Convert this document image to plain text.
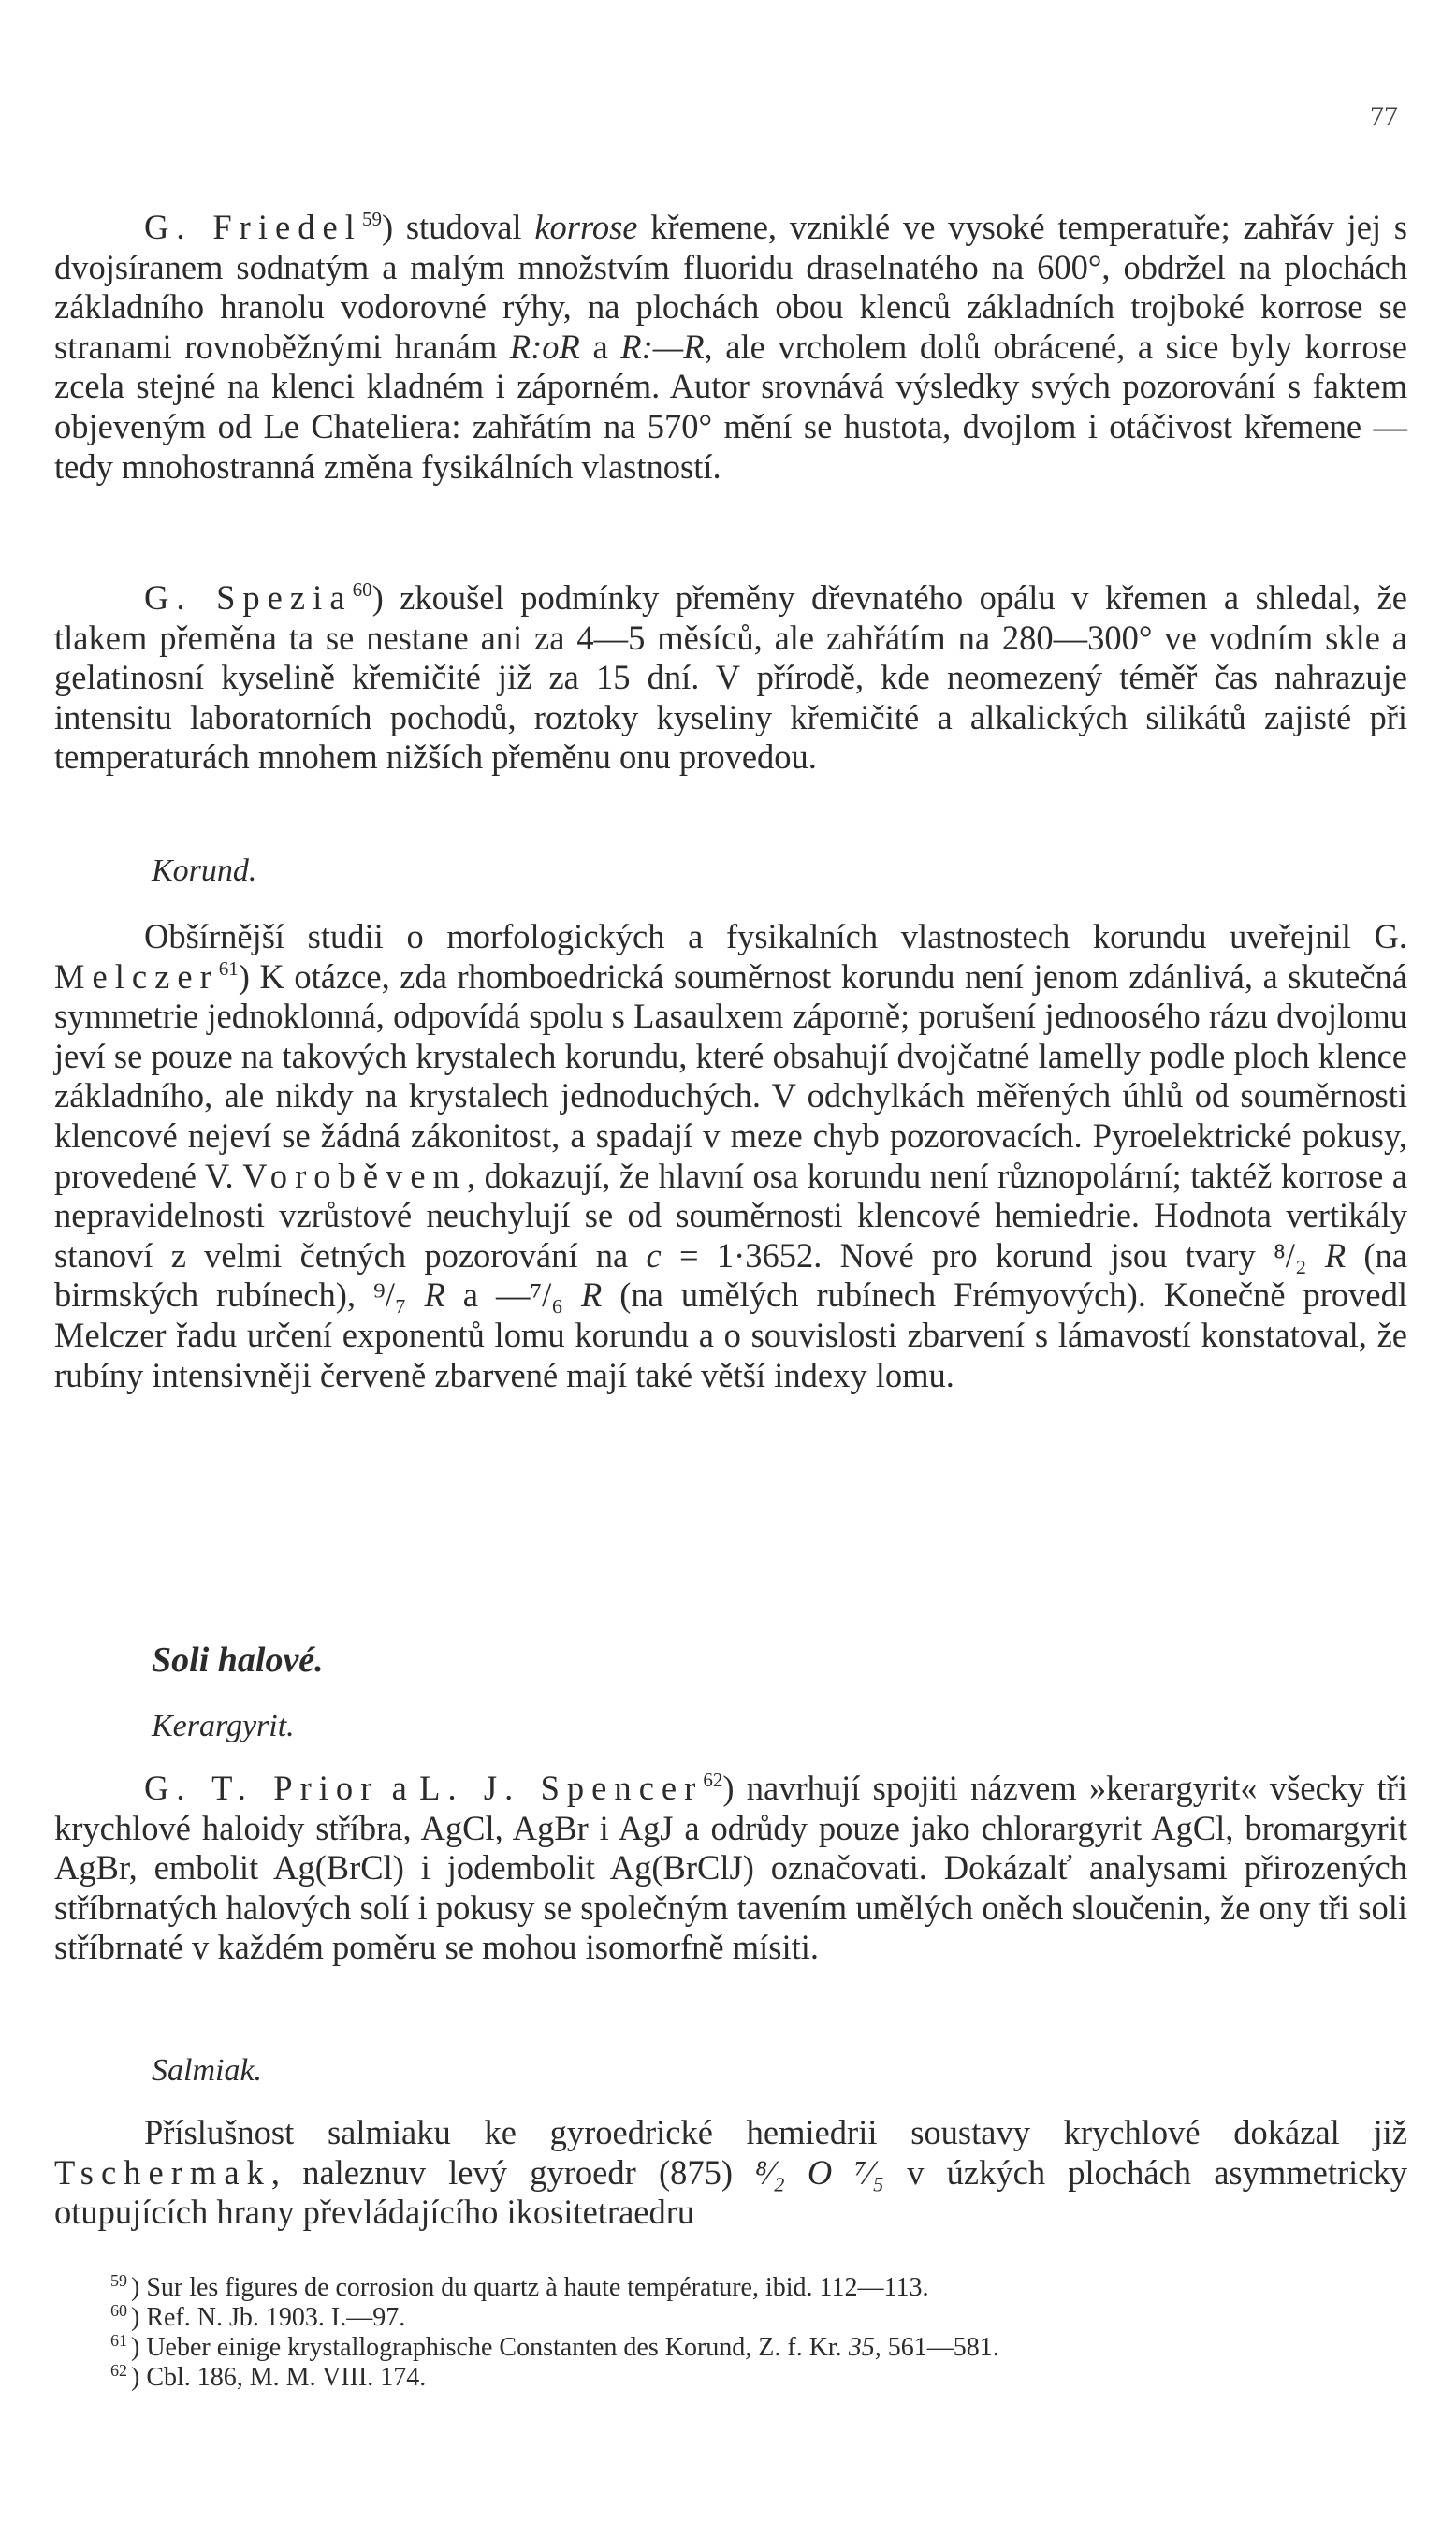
77

G. Friedel$^{59}$) studoval korrose křemene, vzniklé ve vysoké temperatuře; zahřáv jej s dvojsíranem sodnatým a malým množstvím fluoridu draselnatého na 600°, obdržel na plochách základního hranolu vodorovné rýhy, na plochách obou klenců základních trojboké korrose se stranami rovnoběžnými hranám R:oR a R:—R, ale vrcholem dolů obrácené, a sice byly korrose zcela stejné na klenci kladném i záporném. Autor srovnává výsledky svých pozorování s faktem objeveným od Le Chateliera: zahřátím na 570° mění se hustota, dvojlom i otáčivost křemene — tedy mnohostranná změna fysikálních vlastností.

G. Spezia$^{60}$) zkoušel podmínky přeměny dřevnatého opálu v křemen a shledal, že tlakem přeměna ta se nestane ani za 4—5 měsíců, ale zahřátím na 280—300° ve vodním skle a gelatinosní kyselině křemičité již za 15 dní. V přírodě, kde neomezený téměř čas nahrazuje intensitu laboratorních pochodů, roztoky kyseliny křemičité a alkalických silikátů zajisté při temperaturách mnohem nižších přeměnu onu provedou.

Korund.

Obšírnější studii o morfologických a fysikalních vlastnostech korundu uveřejnil G. Melczer$^{61}$) K otázce, zda rhomboedrická souměrnost korundu není jenom zdánlivá, a skutečná symmetrie jednoklonná, odpovídá spolu s Lasaulxem záporně; porušení jednoosého rázu dvojlomu jeví se pouze na takových krystalech korundu, které obsahují dvojčatné lamelly podle ploch klence základního, ale nikdy na krystalech jednoduchých. V odchylkách měřených úhlů od souměrnosti klencové nejeví se žádná zákonitost, a spadají v meze chyb pozorovacích. Pyroelektrické pokusy, provedené V. Voroběvem, dokazují, že hlavní osa korundu není různopolární; taktéž korrose a nepravidelnosti vzrůstové neuchylují se od souměrnosti klencové hemiedrie. Hodnota vertikály stanoví z velmi četných pozorování na c = 1·3652. Nové pro korund jsou tvary ⁸/₂ R (na birmských rubínech), ⁹/₇ R a —⁷/₆ R (na umělých rubínech Frémyových). Konečně provedl Melczer řadu určení exponentů lomu korundu a o souvislosti zbarvení s lámavostí konstatoval, že rubíny intensivněji červeně zbarvené mají také větší indexy lomu.

Soli halové.

Kerargyrit.

G. T. Prior a L. J. Spencer$^{62}$) navrhují spojiti názvem »kerargyrit« všecky tři krychlové haloidy stříbra, AgCl, AgBr i AgJ a odrůdy pouze jako chlorargyrit AgCl, bromargyrit AgBr, embolit Ag(BrCl) i jodembolit Ag(BrClJ) označovati. Dokázalť analysami přirozených stříbrnatých halových solí i pokusy se společným tavením umělých oněch sloučenin, že ony tři soli stříbrnaté v každém poměru se mohou isomorfně mísiti.

Salmiak.

Příslušnost salmiaku ke gyroedrické hemiedrii soustavy krychlové dokázal již Tschermak, naleznuv levý gyroedr (875) ⁸⁄₂ O ⁷⁄₅ v úzkých plochách asymmetricky otupujících hrany převládajícího ikositetraedru

$^{59}$ ) Sur les figures de corrosion du quartz à haute température, ibid. 112—113.

$^{60}$ ) Ref. N. Jb. 1903. I.—97.

$^{61}$ ) Ueber einige krystallographische Constanten des Korund, Z. f. Kr. 35, 561—581.

$^{62}$ ) Cbl. 186, M. M. VIII. 174.
